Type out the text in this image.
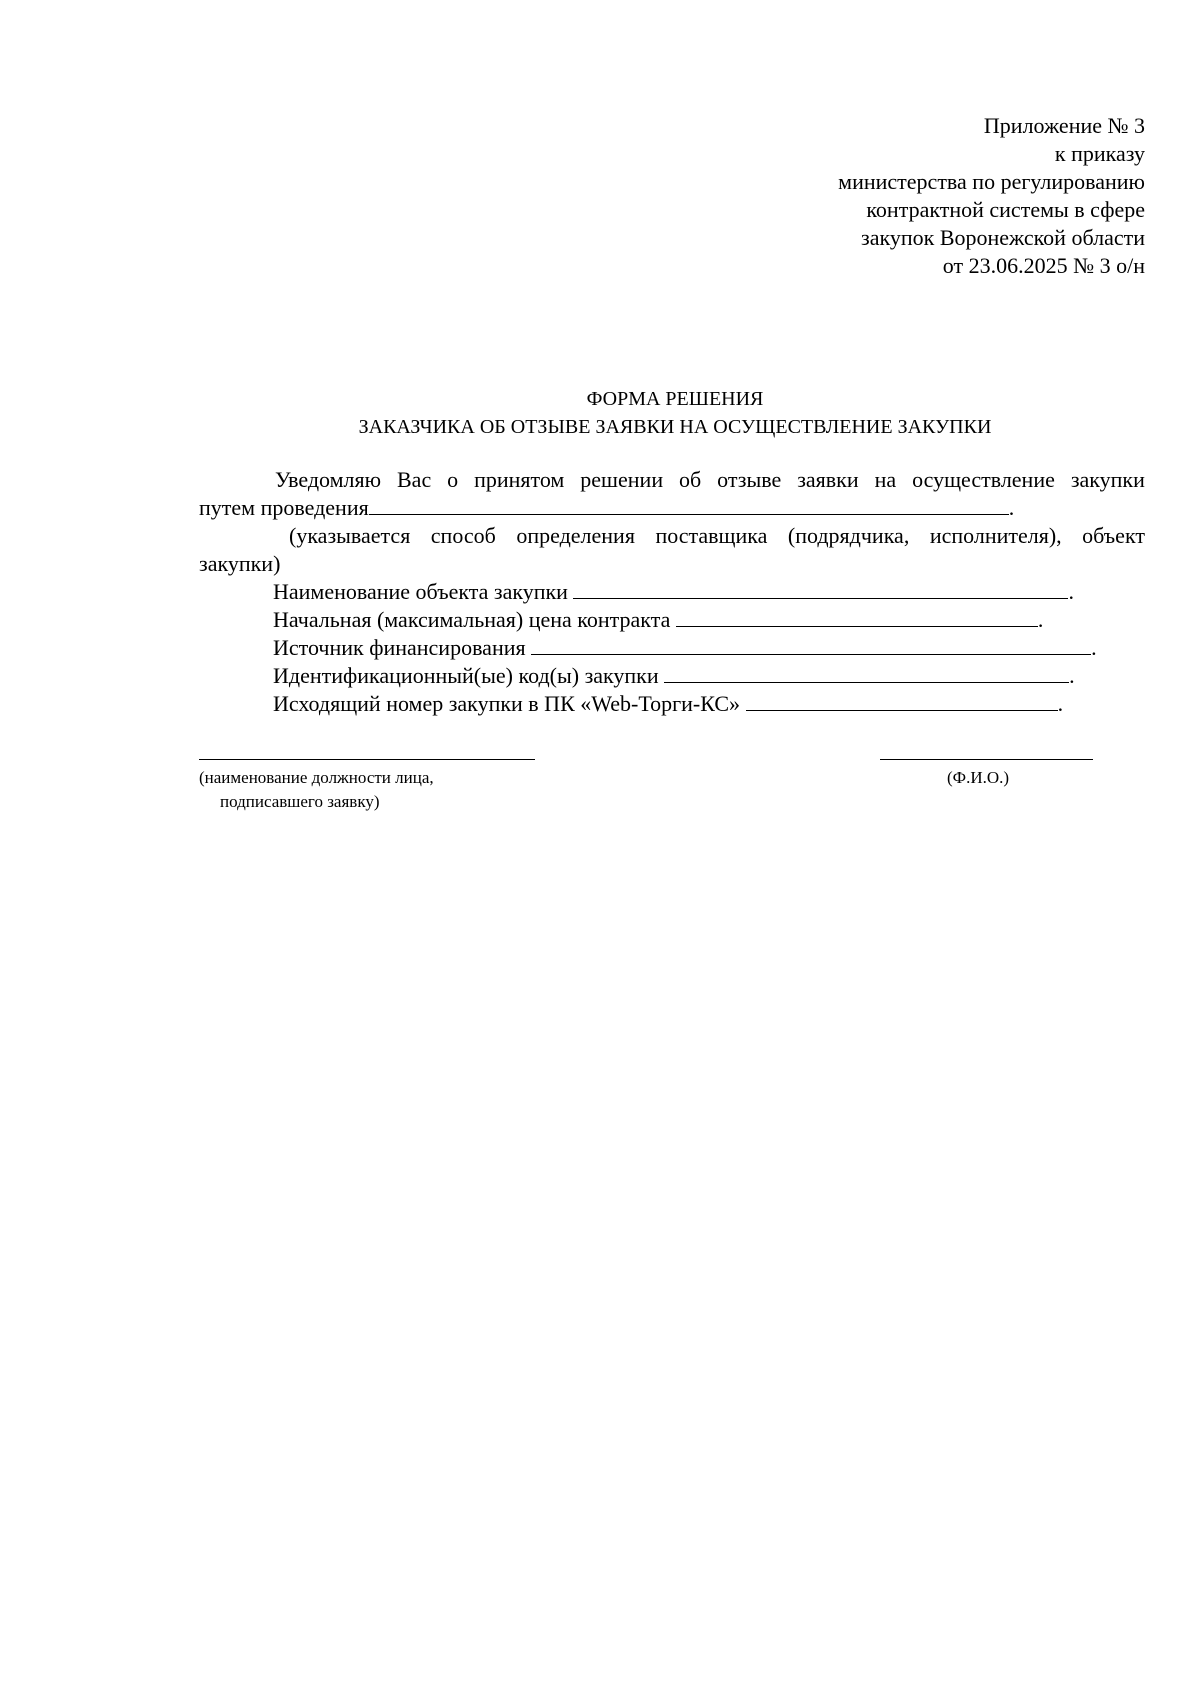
Приложение № 3
к приказу
министерства по регулированию
контрактной системы в сфере
закупок Воронежской области
от 23.06.2025 № 3 о/н
ФОРМА РЕШЕНИЯ
ЗАКАЗЧИКА ОБ ОТЗЫВЕ ЗАЯВКИ НА ОСУЩЕСТВЛЕНИЕ ЗАКУПКИ
Уведомляю Вас о принятом решении об отзыве заявки на осуществление закупки
путем проведения	.
(указывается способ определения поставщика (подрядчика, исполнителя), объект
закупки)
Наименование объекта закупки	.
Начальная (максимальная) цена контракта	.
Источник финансирования	.
Идентификационный(ые) код(ы) закупки	.
Исходящий номер закупки в ПК «Web-Торги-КС»	.
(наименование должности лица,
подписавшего заявку)
(Ф.И.О.)
